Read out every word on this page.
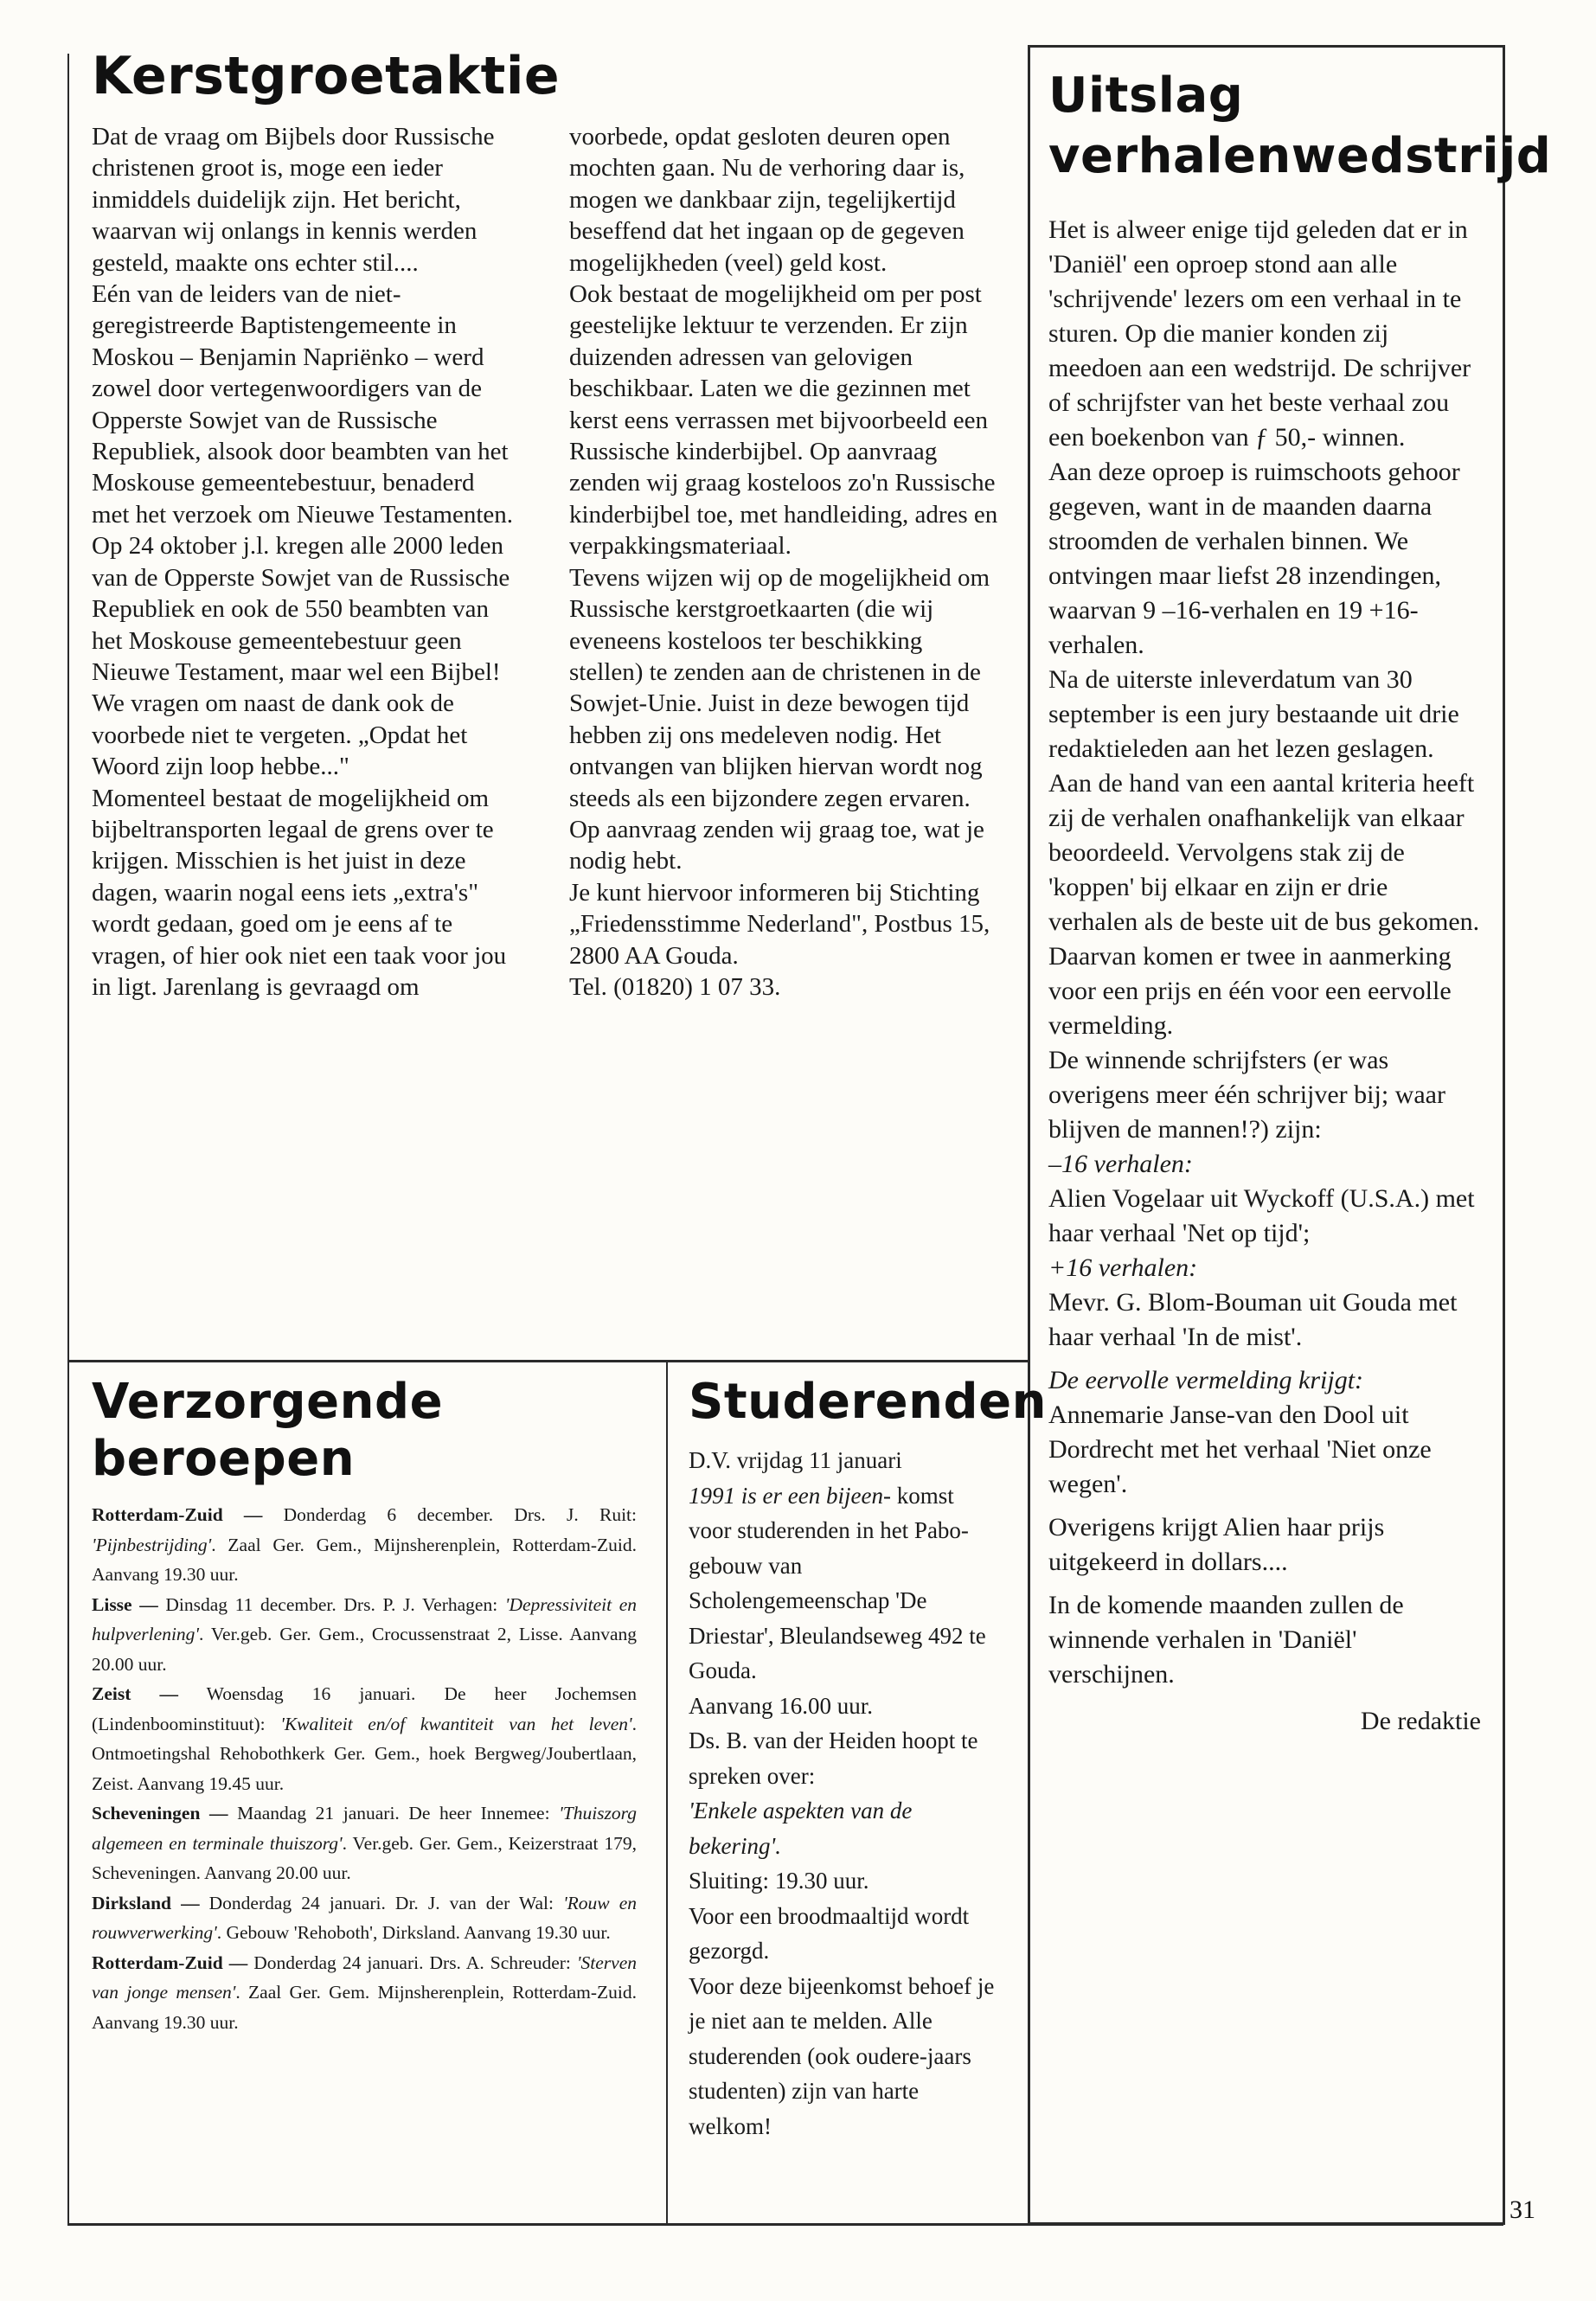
Kerstgroetaktie

Dat de vraag om Bijbels door Russische christenen groot is, moge een ieder inmiddels duidelijk zijn. Het bericht, waarvan wij onlangs in kennis werden gesteld, maakte ons echter stil....

Eén van de leiders van de niet-geregistreerde Baptistengemeente in Moskou – Benjamin Napriënko – werd zowel door vertegenwoordigers van de Opperste Sowjet van de Russische Republiek, alsook door beambten van het Moskouse gemeentebestuur, benaderd met het verzoek om Nieuwe Testamenten.

Op 24 oktober j.l. kregen alle 2000 leden van de Opperste Sowjet van de Russische Republiek en ook de 550 beambten van het Moskouse gemeentebestuur geen Nieuwe Testament, maar wel een Bijbel!

We vragen om naast de dank ook de voorbede niet te vergeten. „Opdat het Woord zijn loop hebbe..."

Momenteel bestaat de mogelijkheid om bijbeltransporten legaal de grens over te krijgen. Misschien is het juist in deze dagen, waarin nogal eens iets „extra's" wordt gedaan, goed om je eens af te vragen, of hier ook niet een taak voor jou in ligt. Jarenlang is gevraagd om

voorbede, opdat gesloten deuren open mochten gaan. Nu de verhoring daar is, mogen we dankbaar zijn, tegelijkertijd beseffend dat het ingaan op de gegeven mogelijkheden (veel) geld kost.

Ook bestaat de mogelijkheid om per post geestelijke lektuur te verzenden. Er zijn duizenden adressen van gelovigen beschikbaar. Laten we die gezinnen met kerst eens verrassen met bijvoorbeeld een Russische kinderbijbel. Op aanvraag zenden wij graag kosteloos zo'n Russische kinderbijbel toe, met handleiding, adres en verpakkingsmateriaal.

Tevens wijzen wij op de mogelijkheid om Russische kerstgroetkaarten (die wij eveneens kosteloos ter beschikking stellen) te zenden aan de christenen in de Sowjet-Unie. Juist in deze bewogen tijd hebben zij ons medeleven nodig. Het ontvangen van blijken hiervan wordt nog steeds als een bijzondere zegen ervaren. Op aanvraag zenden wij graag toe, wat je nodig hebt.

Je kunt hiervoor informeren bij Stichting „Friedensstimme Nederland", Postbus 15, 2800 AA Gouda.

Tel. (01820) 1 07 33.

Uitslag
verhalenwedstrijd

Het is alweer enige tijd geleden dat er in 'Daniël' een oproep stond aan alle 'schrijvende' lezers om een verhaal in te sturen. Op die manier konden zij meedoen aan een wedstrijd. De schrijver of schrijfster van het beste verhaal zou een boekenbon van ƒ 50,- winnen.

Aan deze oproep is ruimschoots gehoor gegeven, want in de maanden daarna stroomden de verhalen binnen. We ontvingen maar liefst 28 inzendingen, waarvan 9 –16-verhalen en 19 +16-verhalen.

Na de uiterste inleverdatum van 30 september is een jury bestaande uit drie redaktieleden aan het lezen geslagen. Aan de hand van een aantal kriteria heeft zij de verhalen onafhankelijk van elkaar beoordeeld. Vervolgens stak zij de 'koppen' bij elkaar en zijn er drie verhalen als de beste uit de bus gekomen. Daarvan komen er twee in aanmerking voor een prijs en één voor een eervolle vermelding.

De winnende schrijfsters (er was overigens meer één schrijver bij; waar blijven de mannen!?) zijn:

–16 verhalen:

Alien Vogelaar uit Wyckoff (U.S.A.) met haar verhaal 'Net op tijd';

+16 verhalen:

Mevr. G. Blom-Bouman uit Gouda met haar verhaal 'In de mist'.

De eervolle vermelding krijgt:

Annemarie Janse-van den Dool uit Dordrecht met het verhaal 'Niet onze wegen'.

Overigens krijgt Alien haar prijs uitgekeerd in dollars....

In de komende maanden zullen de winnende verhalen in 'Daniël' verschijnen.

De redaktie

Verzorgende
beroepen

Rotterdam-Zuid — Donderdag 6 december. Drs. J. Ruit: 'Pijnbestrijding'. Zaal Ger. Gem., Mijnsherenplein, Rotterdam-Zuid. Aanvang 19.30 uur.

Lisse — Dinsdag 11 december. Drs. P. J. Verhagen: 'Depressiviteit en hulpverlening'. Ver.geb. Ger. Gem., Crocussenstraat 2, Lisse. Aanvang 20.00 uur.

Zeist — Woensdag 16 januari. De heer Jochemsen (Lindenboominstituut): 'Kwaliteit en/of kwantiteit van het leven'. Ontmoetingshal Rehobothkerk Ger. Gem., hoek Bergweg/Joubertlaan, Zeist. Aanvang 19.45 uur.

Scheveningen — Maandag 21 januari. De heer Innemee: 'Thuiszorg algemeen en terminale thuiszorg'. Ver.geb. Ger. Gem., Keizerstraat 179, Scheveningen. Aanvang 20.00 uur.

Dirksland — Donderdag 24 januari. Dr. J. van der Wal: 'Rouw en rouwverwerking'. Gebouw 'Rehoboth', Dirksland. Aanvang 19.30 uur.

Rotterdam-Zuid — Donderdag 24 januari. Drs. A. Schreuder: 'Sterven van jonge mensen'. Zaal Ger. Gem. Mijnsherenplein, Rotterdam-Zuid. Aanvang 19.30 uur.

Studerenden

D.V. vrijdag 11 januari
1991 is er een bijeen- komst voor studerenden in het Pabo-gebouw van Scholengemeenschap 'De Driestar', Bleulandseweg 492 te Gouda.

Aanvang 16.00 uur.

Ds. B. van der Heiden hoopt te spreken over:

'Enkele aspekten van de bekering'.

Sluiting: 19.30 uur.

Voor een broodmaaltijd wordt gezorgd.

Voor deze bijeenkomst behoef je je niet aan te melden. Alle studerenden (ook oudere-jaars studenten) zijn van harte welkom!

31
